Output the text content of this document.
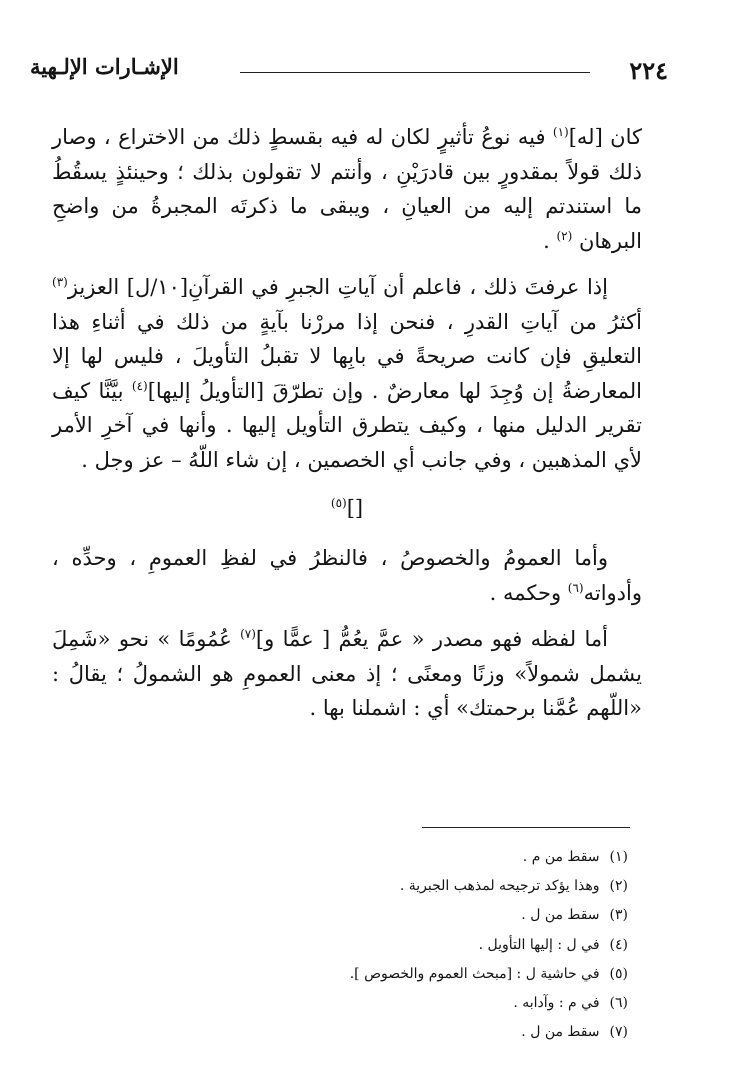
٢٢٤
الإشـارات الإلـهية

كان [له]$^{(١)}$ فيه نوعُ تأثيرٍ لكان له فيه بقسطٍ ذلك من الاختراع ، وصار ذلك قولاً بمقدورٍ بين قادرَيْنِ ، وأنتم لا تقولون بذلك ؛ وحينئذٍ يسقُطُ ما استندتم إليه من العيانِ ، ويبقى ما ذكرتَه المجبرةُ من واضحِ البرهان $^{(٢)}$ .

إذا عرفتَ ذلك ، فاعلم أن آياتِ الجبرِ في القرآنِ[١٠/ل] العزيز$^{(٣)}$ أكثرُ من آياتِ القدرِ ، فنحن إذا مررْنا بآيةٍ من ذلك في أثناءِ هذا التعليقِ فإن كانت صريحةً في بابِها لا تقبلُ التأويلَ ، فليس لها إلا المعارضةُ إن وُجِدَ لها معارضٌ . وإن تطرّقَ [التأويلُ إليها]$^{(٤)}$ بيَّنَّا كيف تقرير الدليل منها ، وكيف يتطرق التأويل إليها . وأنها في آخرِ الأمر لأي المذهبين ، وفي جانب أي الخصمين ، إن شاء اللّهُ – عز وجل .

[]$^{(٥)}$

وأما العمومُ والخصوصُ ، فالنظرُ في لفظِ العمومِ ، وحدِّه ، وأدواته$^{(٦)}$ وحكمه .

أما لفظه فهو مصدر « عمَّ يعُمُّ [ عمًّا و]$^{(٧)}$ عُمُومًا » نحو «شَمِلَ يشمل شمولاً» وزنًا ومعنًى ؛ إذ معنى العمومِ هو الشمولُ ؛ يقالُ : «اللّهم عُمَّنا برحمتك» أي : اشملنا بها .

(١)سقط من م .
(٢)وهذا يؤكد ترجيحه لمذهب الجبرية .
(٣)سقط من ل .
(٤)في ل : إليها التأويل .
(٥)في حاشية ل : [مبحث العموم والخصوص ].
(٦)في م : وآدابه .
(٧)سقط من ل .
